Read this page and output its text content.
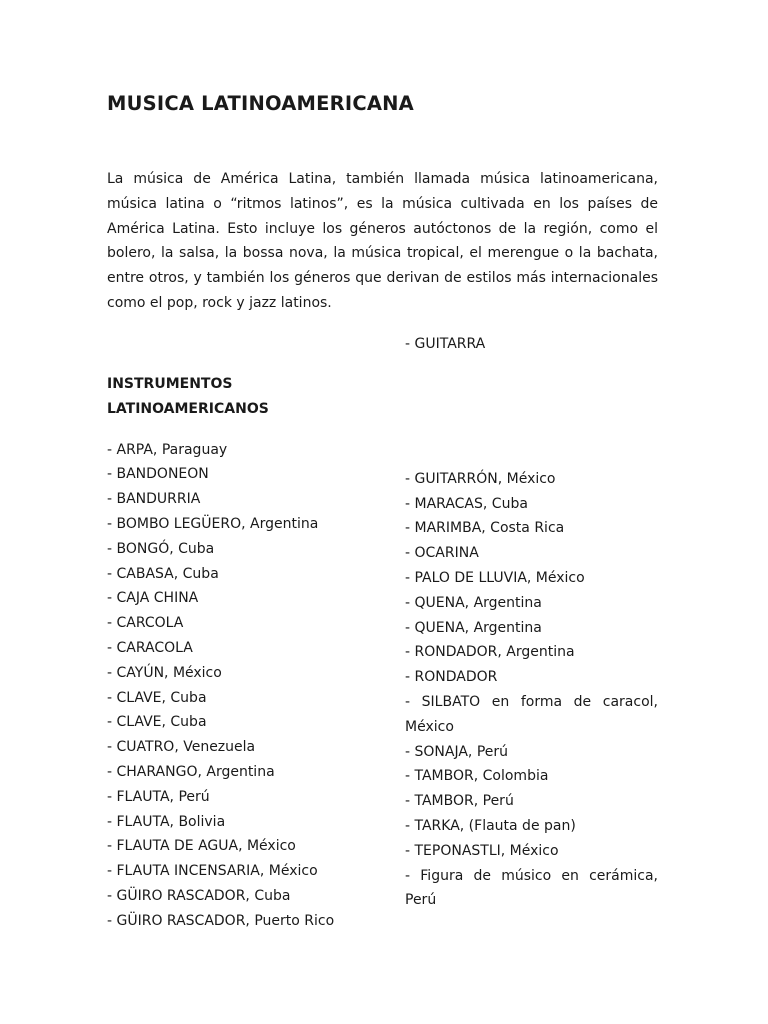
MUSICA LATINOAMERICANA

La música de América Latina, también llamada música latinoamericana, música latina o “ritmos latinos”, es la música cultivada en los países de América Latina. Esto incluye los géneros autóctonos de la región, como el bolero, la salsa, la bossa nova, la música tropical, el merengue o la bachata, entre otros, y también los géneros que derivan de estilos más internacionales como el pop, rock y jazz latinos.

INSTRUMENTOS LATINOAMERICANOS

- ARPA, Paraguay
- BANDONEON
- BANDURRIA
- BOMBO LEGÜERO, Argentina
- BONGÓ, Cuba
- CABASA, Cuba
- CAJA CHINA
- CARCOLA
- CARACOLA
- CAYÚN, México
- CLAVE, Cuba
- CLAVE, Cuba
- CUATRO, Venezuela
- CHARANGO, Argentina
- FLAUTA, Perú
- FLAUTA, Bolivia
- FLAUTA DE AGUA, México
- FLAUTA INCENSARIA, México
- GÜIRO RASCADOR, Cuba
- GÜIRO RASCADOR, Puerto Rico
- GUITARRA
- GUITARRÓN, México
- MARACAS, Cuba
- MARIMBA, Costa Rica
- OCARINA
- PALO DE LLUVIA, México
- QUENA, Argentina
- QUENA, Argentina
- RONDADOR, Argentina
- RONDADOR
- SILBATO en forma de caracol, México
- SONAJA, Perú
- TAMBOR, Colombia
- TAMBOR, Perú
- TARKA, (Flauta de pan)
- TEPONASTLI, México
- Figura de músico en cerámica, Perú
